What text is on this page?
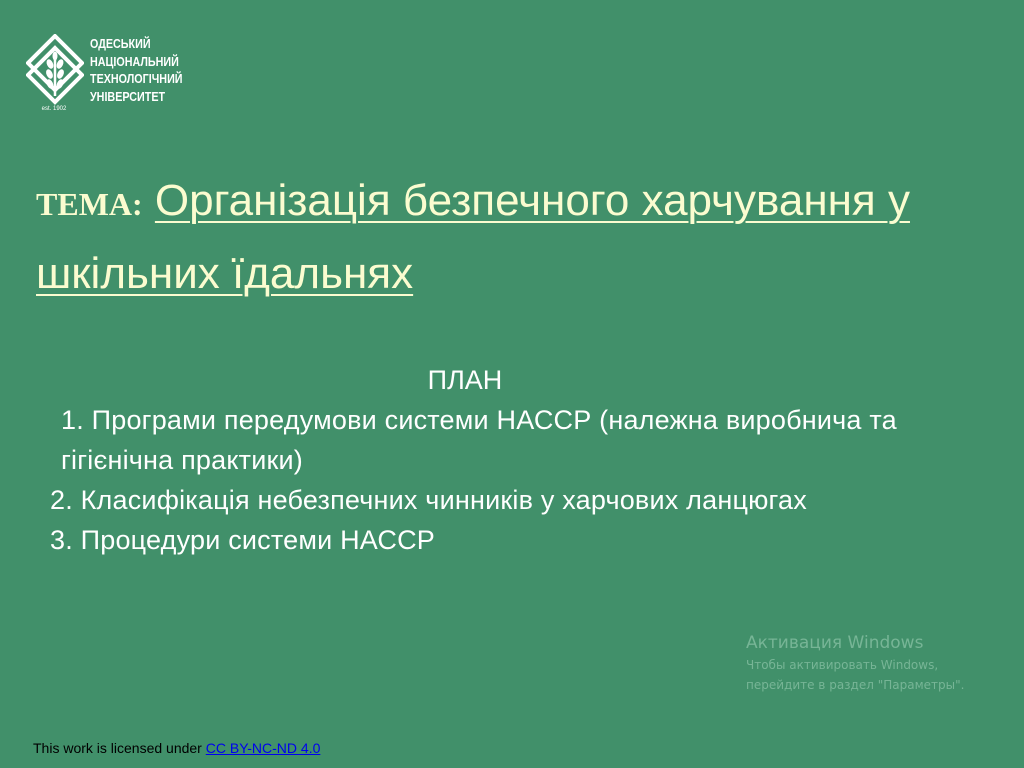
est. 1902
ОДЕСЬКИЙ
НАЦІОНАЛЬНИЙ
ТЕХНОЛОГІЧНИЙ
УНІВЕРСИТЕТ
ТЕМА: Організація безпечного харчування у шкільних їдальнях
ПЛАН
1. Програми передумови системи НАССР (належна виробнича та гігієнічна практики)
2. Класифікація небезпечних чинників у харчових ланцюгах
3. Процедури системи НАССР
Активация Windows
Чтобы активировать Windows,
перейдите в раздел "Параметры".
This work is licensed under CC BY-NC-ND 4.0
